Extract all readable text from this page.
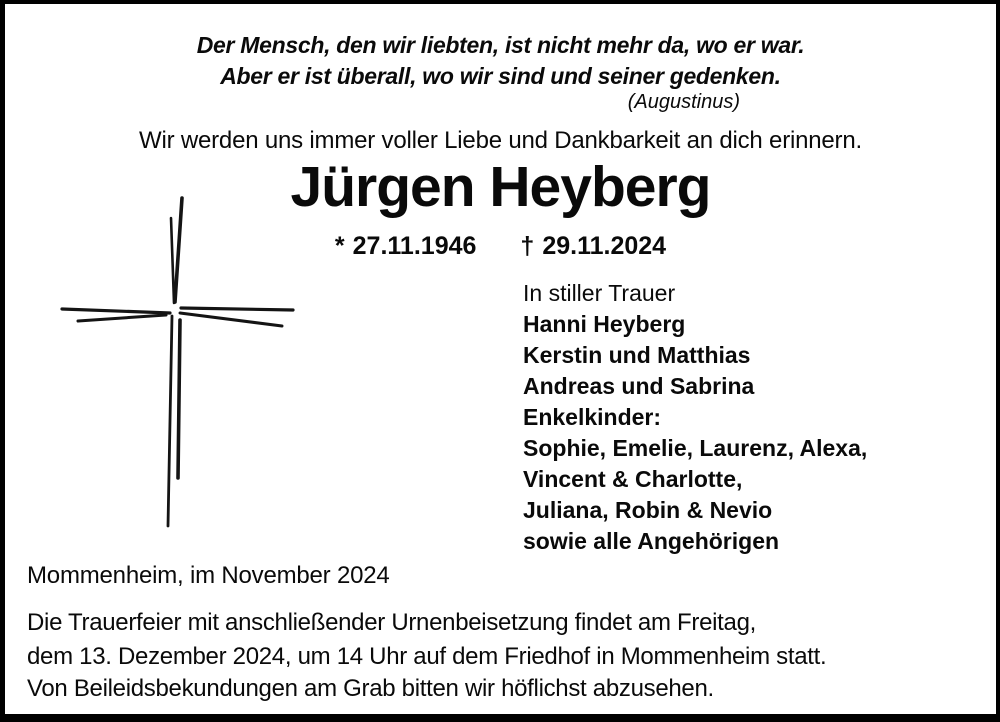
Der Mensch, den wir liebten, ist nicht mehr da, wo er war.
Aber er ist überall, wo wir sind und seiner gedenken.
(Augustinus)
Wir werden uns immer voller Liebe und Dankbarkeit an dich erinnern.
Jürgen Heyberg
* 27.11.1946 † 29.11.2024
In stiller Trauer
Hanni Heyberg
Kerstin und Matthias
Andreas und Sabrina
Enkelkinder:
Sophie, Emelie, Laurenz, Alexa,
Vincent & Charlotte,
Juliana, Robin & Nevio
sowie alle Angehörigen
Mommenheim, im November 2024
Die Trauerfeier mit anschließender Urnenbeisetzung findet am Freitag,
dem 13. Dezember 2024, um 14 Uhr auf dem Friedhof in Mommenheim statt.
Von Beileidsbekundungen am Grab bitten wir höflichst abzusehen.
